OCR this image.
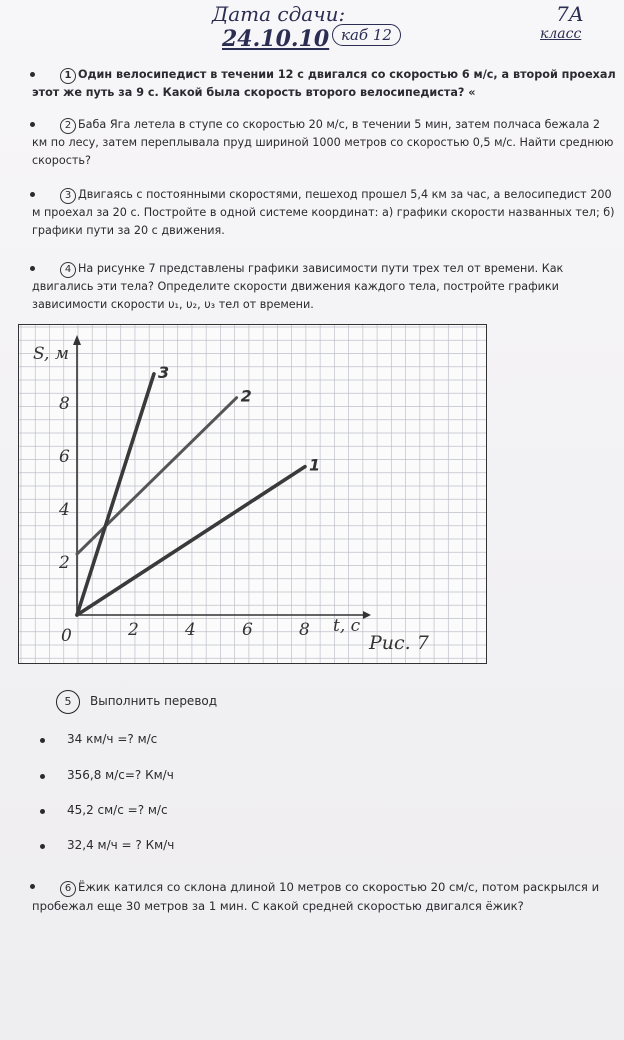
Дата сдачи:
24.10.10 каб 12
7А
класс
1 Один велосипедист в течении 12 с двигался со скоростью 6 м/с, а второй проехал этот же путь за 9 с. Какой была скорость второго велосипедиста? «
2 Баба Яга летела в ступе со скоростью 20 м/с, в течении 5 мин, затем полчаса бежала 2 км по лесу, затем переплывала пруд шириной 1000 метров со скоростью 0,5 м/с. Найти среднюю скорость?
3 Двигаясь с постоянными скоростями, пешеход прошел 5,4 км за час, а велосипедист 200 м проехал за 20 с. Постройте в одной системе координат: а) графики скорости названных тел; б) графики пути за 20 с движения.
4 На рисунке 7 представлены графики зависимости пути трех тел от времени. Как двигались эти тела? Определите скорости движения каждого тела, постройте графики зависимости скорости υ₁, υ₂, υ₃ тел от времени.
2	4	6	8
2
4
6
8
1
2
3
S, м
t, c
0	Рис. 7
5 Выполнить перевод
34 км/ч =? м/с
356,8 м/с=? Км/ч
45,2 см/с =? м/с
32,4 м/ч = ? Км/ч
6 Ёжик катился со склона длиной 10 метров со скоростью 20 см/с, потом раскрылся и пробежал еще 30 метров за 1 мин. С какой средней скоростью двигался ёжик?
